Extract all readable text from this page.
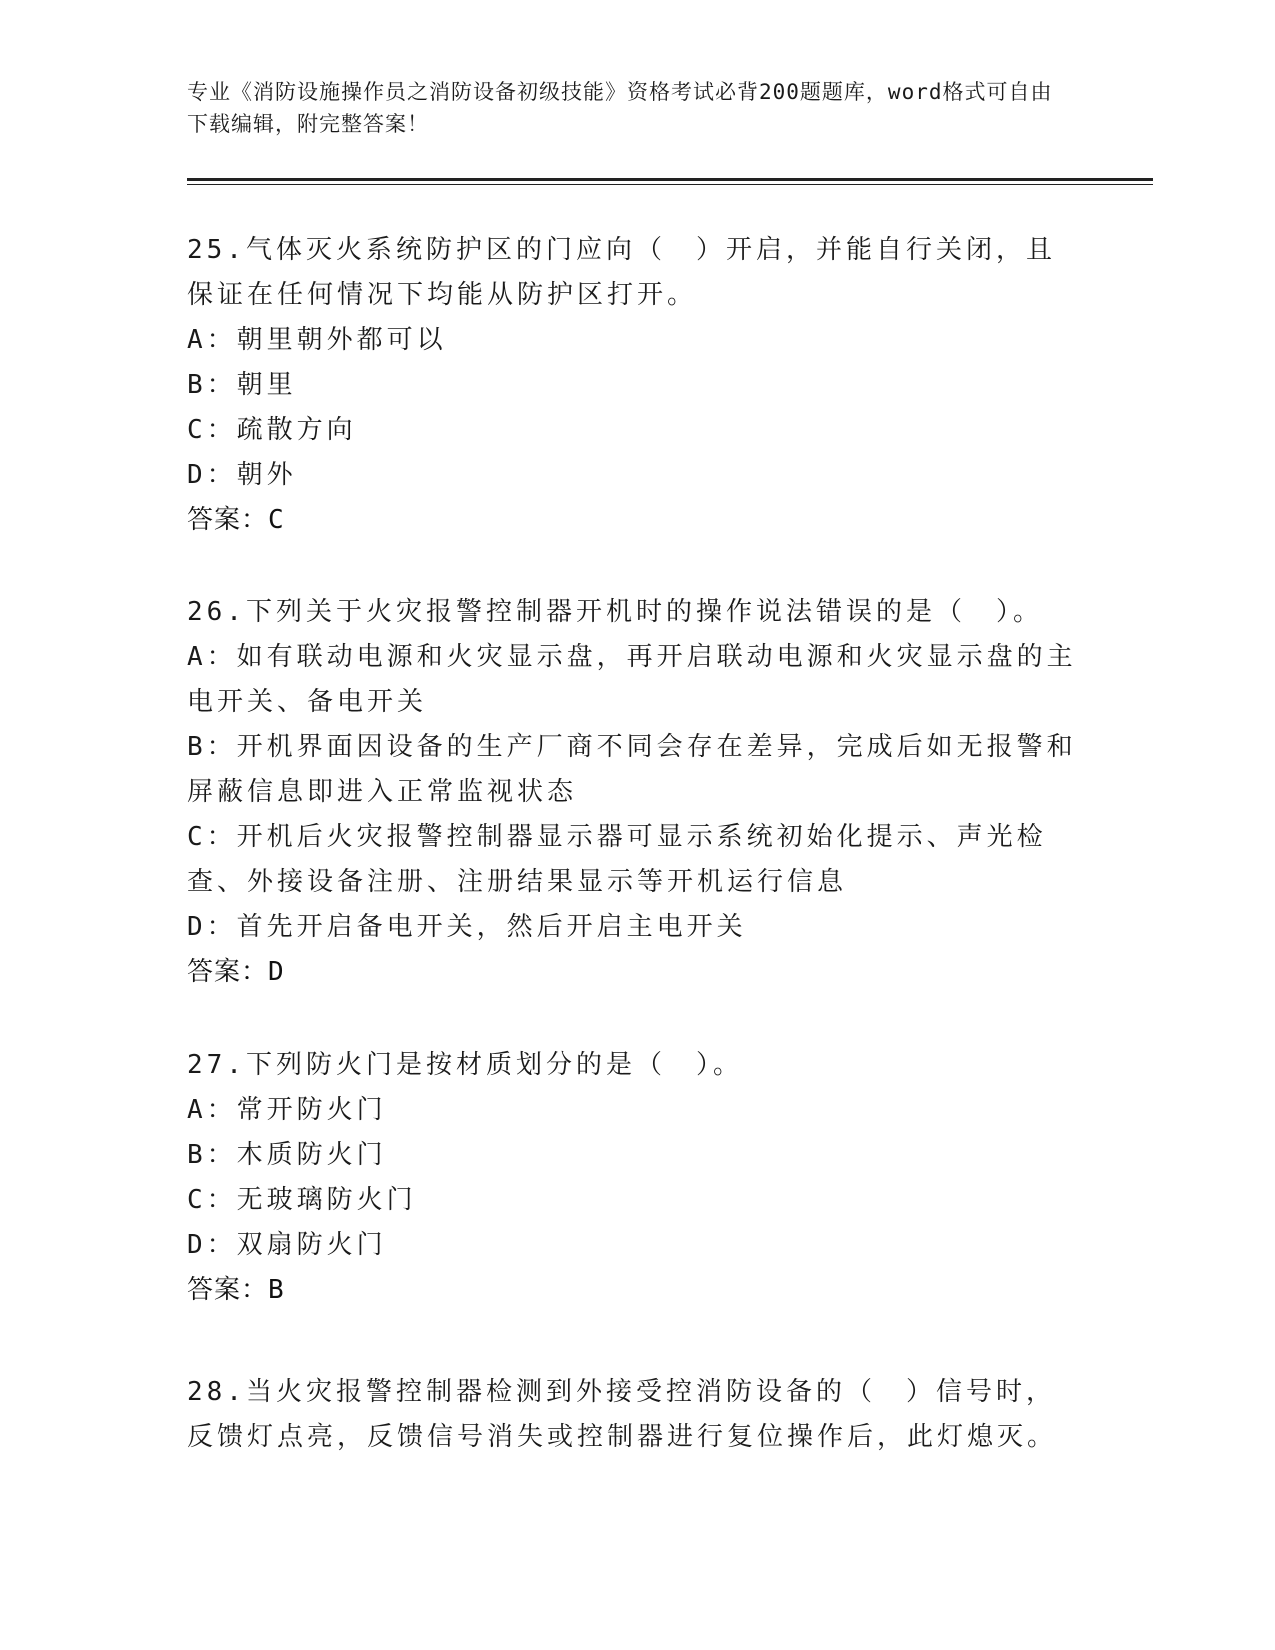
专业《消防设施操作员之消防设备初级技能》资格考试必背200题题库，word格式可自由下载编辑，附完整答案！

25.气体灭火系统防护区的门应向（　）开启，并能自行关闭，且保证在任何情况下均能从防护区打开。

A：朝里朝外都可以

B：朝里

C：疏散方向

D：朝外

答案：C

26.下列关于火灾报警控制器开机时的操作说法错误的是（　）。

A：如有联动电源和火灾显示盘，再开启联动电源和火灾显示盘的主电开关、备电开关

B：开机界面因设备的生产厂商不同会存在差异，完成后如无报警和屏蔽信息即进入正常监视状态

C：开机后火灾报警控制器显示器可显示系统初始化提示、声光检查、外接设备注册、注册结果显示等开机运行信息

D：首先开启备电开关，然后开启主电开关

答案：D

27.下列防火门是按材质划分的是（　）。

A：常开防火门

B：木质防火门

C：无玻璃防火门

D：双扇防火门

答案：B

28.当火灾报警控制器检测到外接受控消防设备的（　）信号时，反馈灯点亮，反馈信号消失或控制器进行复位操作后，此灯熄灭。
